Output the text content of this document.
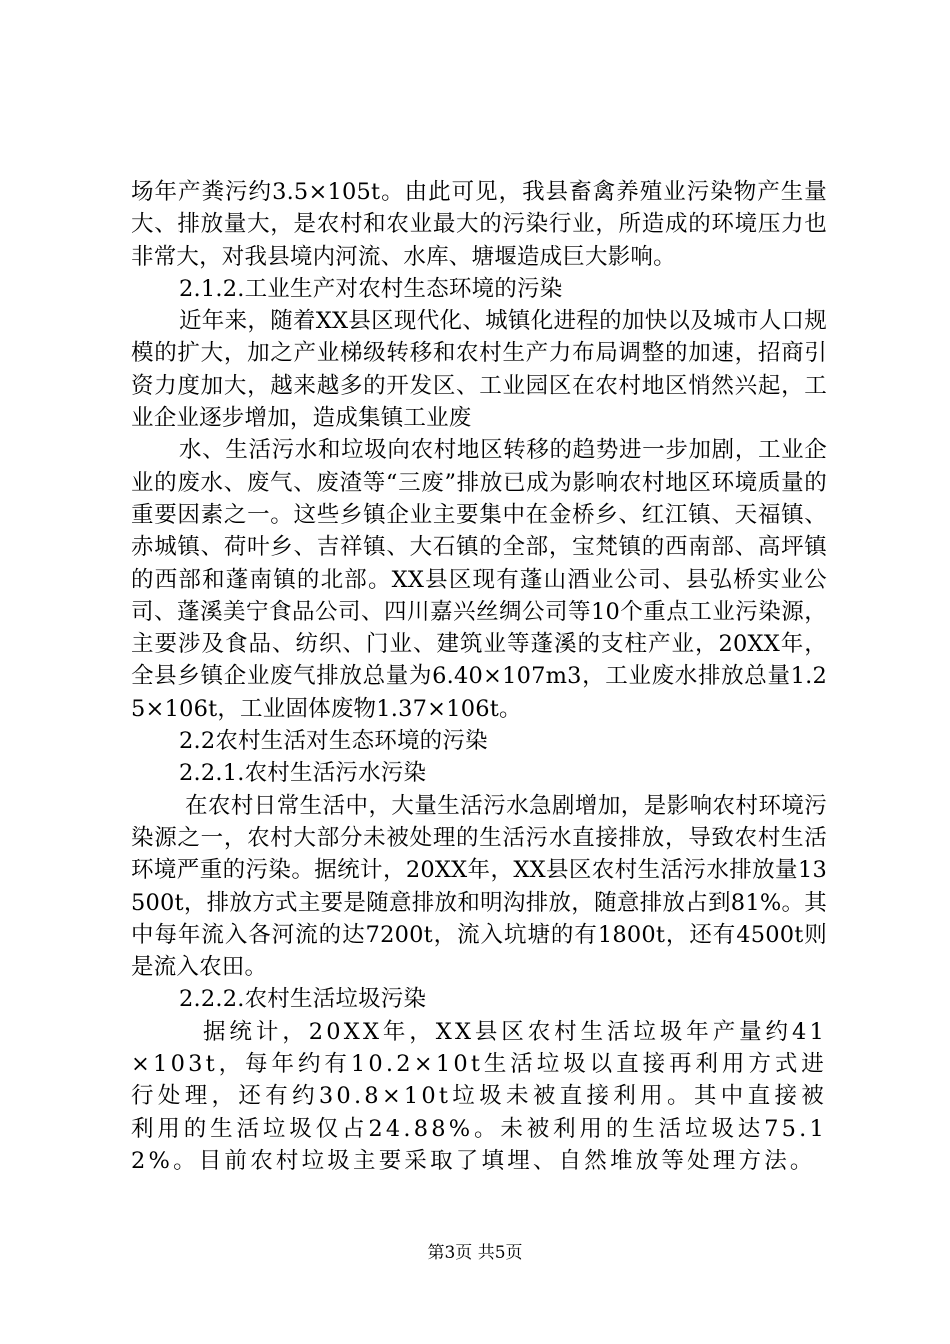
场年产粪污约3.5×105t。由此可见，我县畜禽养殖业污染物产生量大、排放量大，是农村和农业最大的污染行业，所造成的环境压力也非常大，对我县境内河流、水库、塘堰造成巨大影响。

2.1.2.工业生产对农村生态环境的污染

近年来，随着XX县区现代化、城镇化进程的加快以及城市人口规模的扩大，加之产业梯级转移和农村生产力布局调整的加速，招商引资力度加大，越来越多的开发区、工业园区在农村地区悄然兴起，工业企业逐步增加，造成集镇工业废

水、生活污水和垃圾向农村地区转移的趋势进一步加剧，工业企业的废水、废气、废渣等“三废”排放已成为影响农村地区环境质量的重要因素之一。这些乡镇企业主要集中在金桥乡、红江镇、天福镇、赤城镇、荷叶乡、吉祥镇、大石镇的全部，宝梵镇的西南部、高坪镇的西部和蓬南镇的北部。XX县区现有蓬山酒业公司、县弘桥实业公司、蓬溪美宁食品公司、四川嘉兴丝绸公司等10个重点工业污染源，主要涉及食品、纺织、门业、建筑业等蓬溪的支柱产业，20XX年，全县乡镇企业废气排放总量为6.40×107m3，工业废水排放总量1.25×106t，工业固体废物1.37×106t。

2.2农村生活对生态环境的污染

2.2.1.农村生活污水污染

在农村日常生活中，大量生活污水急剧增加，是影响农村环境污染源之一，农村大部分未被处理的生活污水直接排放，导致农村生活环境严重的污染。据统计，20XX年，XX县区农村生活污水排放量13500t，排放方式主要是随意排放和明沟排放，随意排放占到81%。其中每年流入各河流的达7200t，流入坑塘的有1800t，还有4500t则是流入农田。

2.2.2.农村生活垃圾污染

据统计，20XX年，XX县区农村生活垃圾年产量约41×103t，每年约有10.2×10t生活垃圾以直接再利用方式进行处理，还有约30.8×10t垃圾未被直接利用。其中直接被利用的生活垃圾仅占24.88%。未被利用的生活垃圾达75.12%。目前农村垃圾主要采取了填埋、自然堆放等处理方法。

第3页 共5页
